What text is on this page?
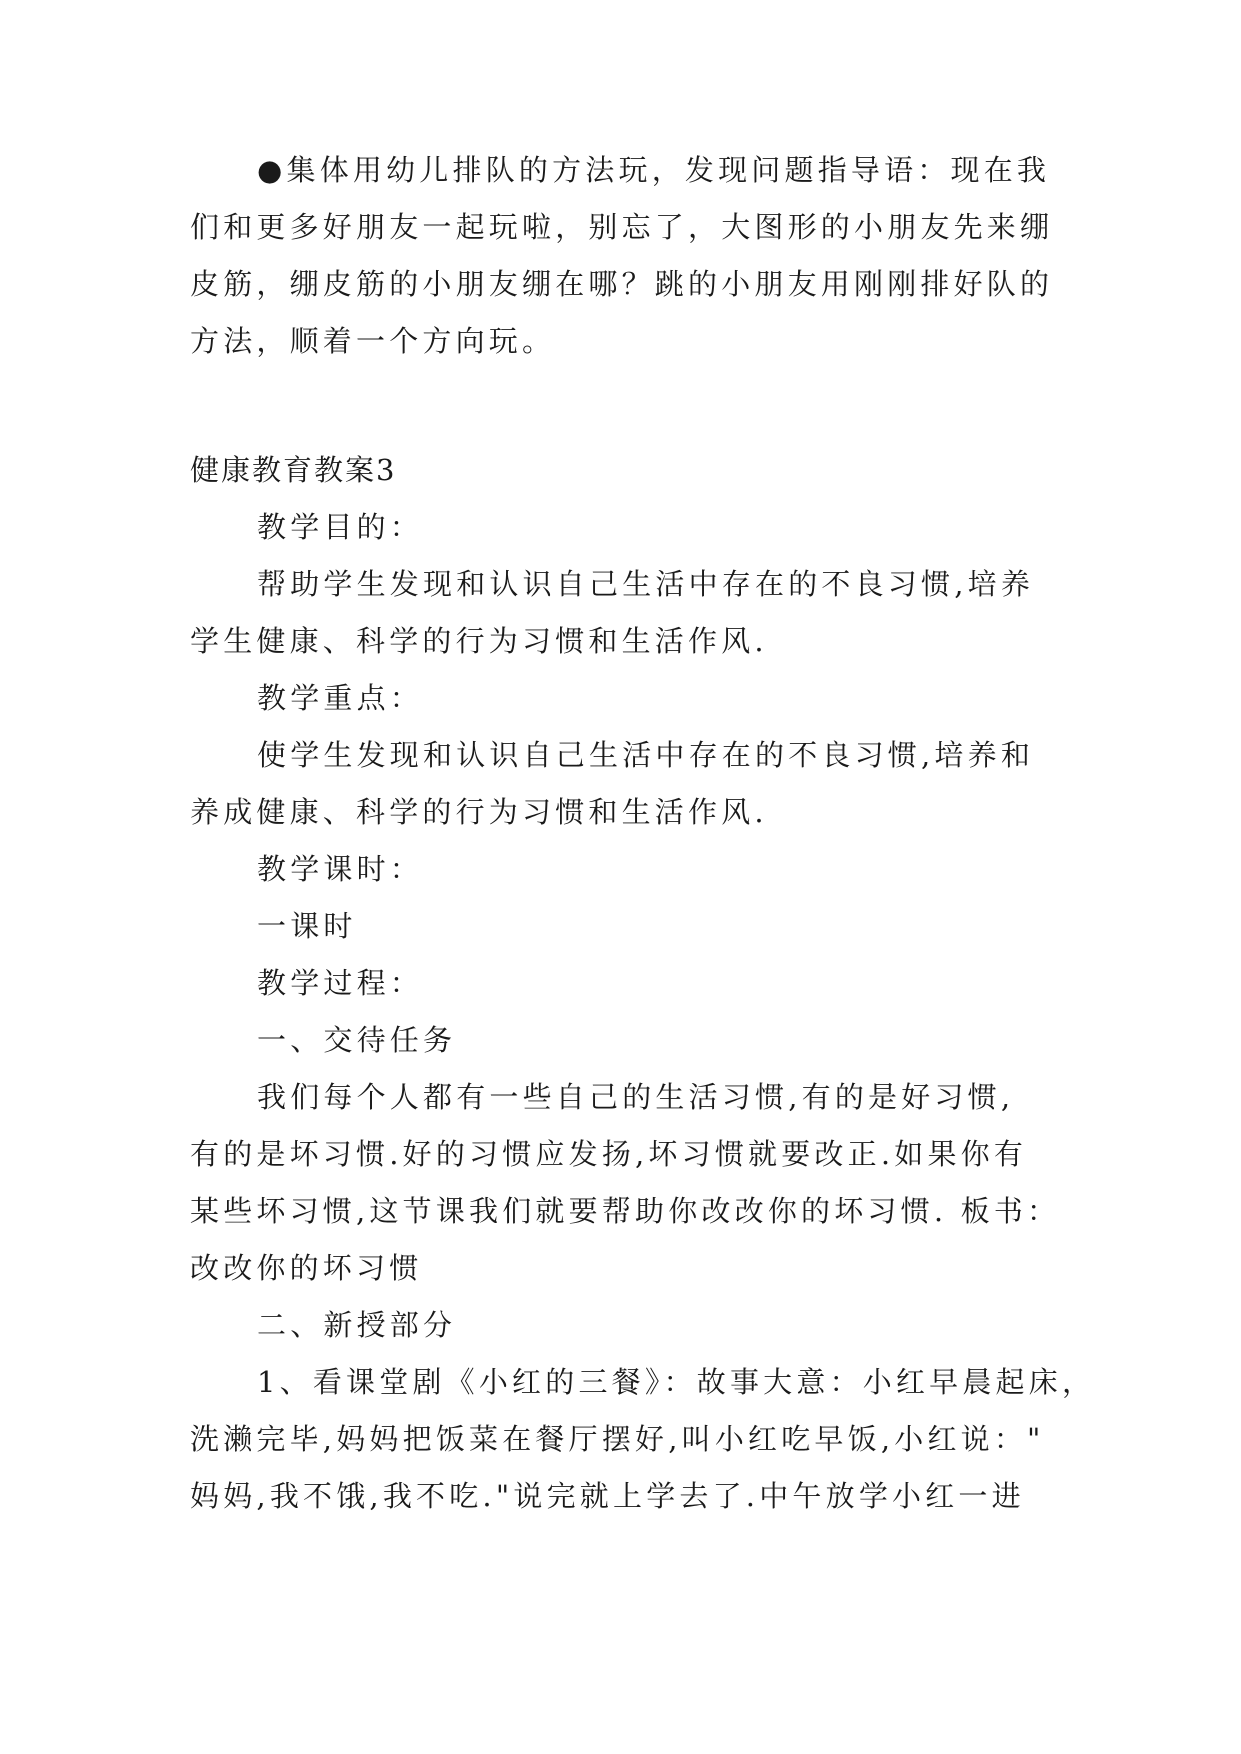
●集体用幼儿排队的方法玩，发现问题指导语：现在我
们和更多好朋友一起玩啦，别忘了，大图形的小朋友先来绷
皮筋，绷皮筋的小朋友绷在哪？跳的小朋友用刚刚排好队的
方法，顺着一个方向玩。
健康教育教案3
教学目的：
帮助学生发现和认识自己生活中存在的不良习惯,培养
学生健康、科学的行为习惯和生活作风.
教学重点：
使学生发现和认识自己生活中存在的不良习惯,培养和
养成健康、科学的行为习惯和生活作风.
教学课时：
一课时
教学过程：
一、交待任务
我们每个人都有一些自己的生活习惯,有的是好习惯,
有的是坏习惯.好的习惯应发扬,坏习惯就要改正.如果你有
某些坏习惯,这节课我们就要帮助你改改你的坏习惯. 板书：
改改你的坏习惯
二、新授部分
1、看课堂剧《小红的三餐》：故事大意：小红早晨起床，
洗濑完毕,妈妈把饭菜在餐厅摆好,叫小红吃早饭,小红说："
妈妈,我不饿,我不吃."说完就上学去了.中午放学小红一进
